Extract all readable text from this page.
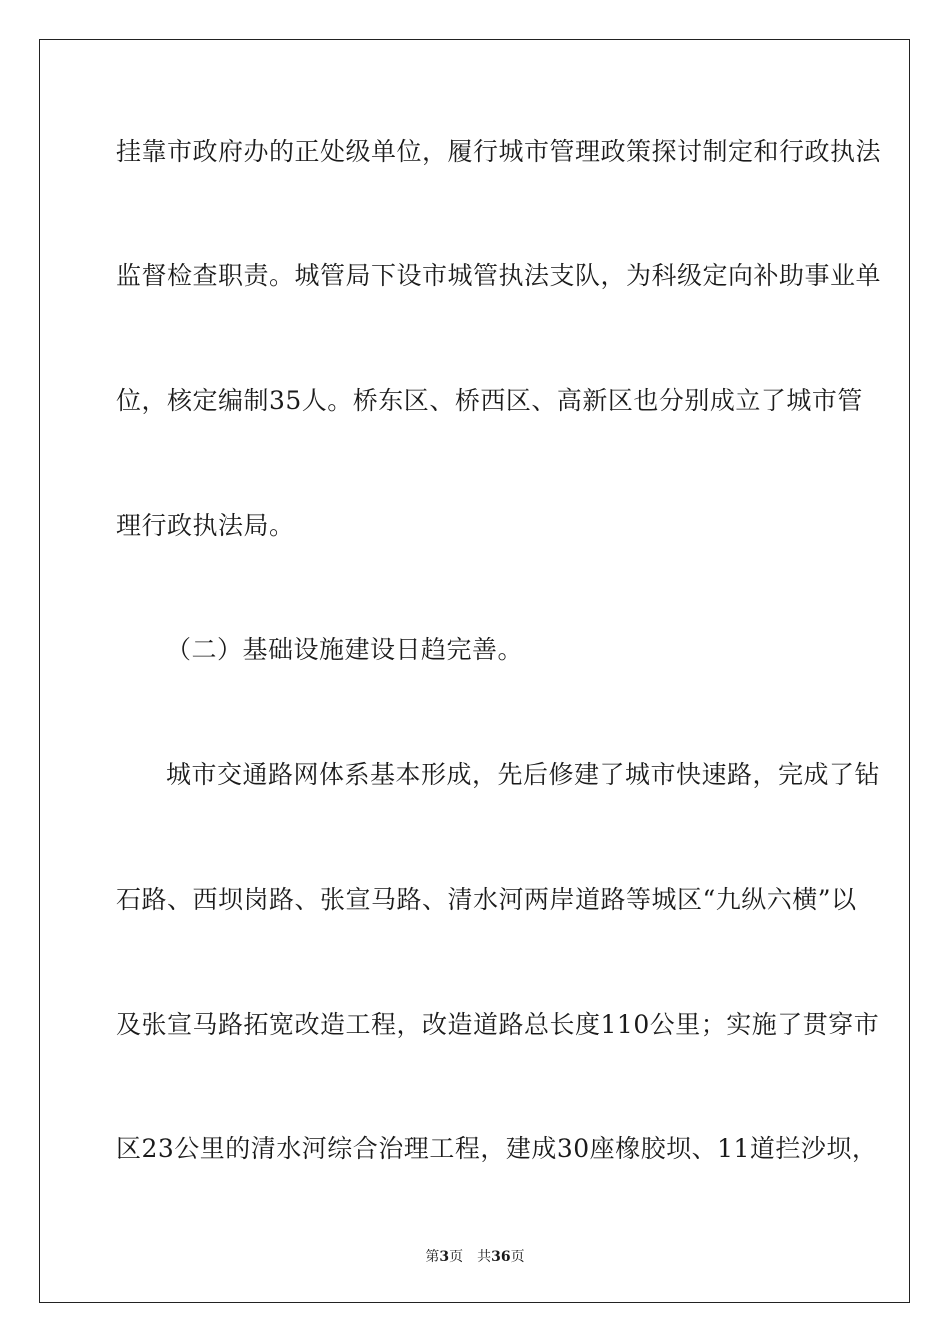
挂靠市政府办的正处级单位，履行城市管理政策探讨制定和行政执法
监督检查职责。城管局下设市城管执法支队，为科级定向补助事业单
位，核定编制35人。桥东区、桥西区、高新区也分别成立了城市管
理行政执法局。
（二）基础设施建设日趋完善。
城市交通路网体系基本形成，先后修建了城市快速路，完成了钻
石路、西坝岗路、张宣马路、清水河两岸道路等城区“九纵六横”以
及张宣马路拓宽改造工程，改造道路总长度110公里；实施了贯穿市
区23公里的清水河综合治理工程，建成30座橡胶坝、11道拦沙坝，
第3页 共36页
